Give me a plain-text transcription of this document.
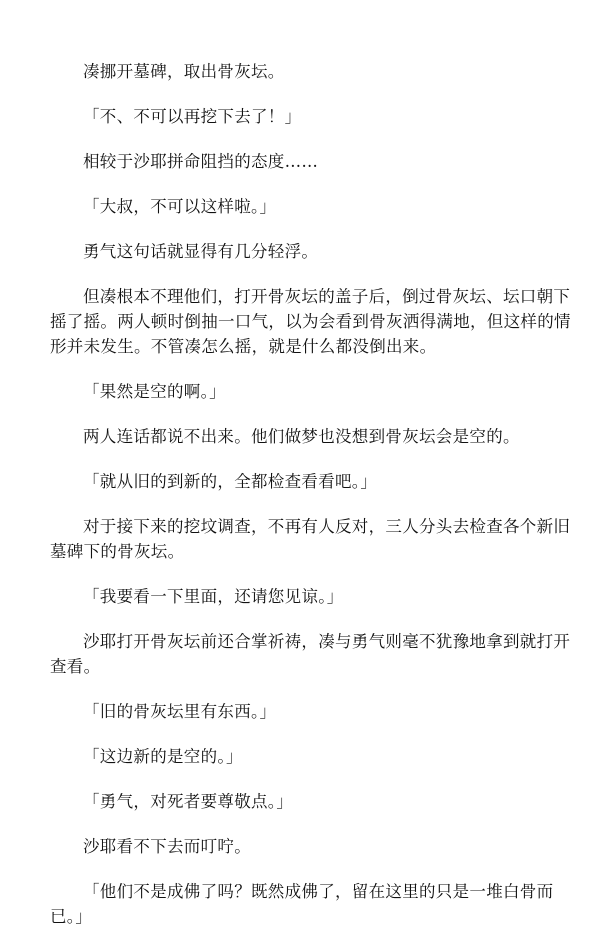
凑挪开墓碑，取出骨灰坛。

「不、不可以再挖下去了！」

相较于沙耶拼命阻挡的态度……

「大叔，不可以这样啦。」

勇气这句话就显得有几分轻浮。

但凑根本不理他们，打开骨灰坛的盖子后，倒过骨灰坛、坛口朝下摇了摇。两人顿时倒抽一口气，以为会看到骨灰洒得满地，但这样的情形并未发生。不管凑怎么摇，就是什么都没倒出来。

「果然是空的啊。」

两人连话都说不出来。他们做梦也没想到骨灰坛会是空的。

「就从旧的到新的，全都检查看看吧。」

对于接下来的挖坟调查，不再有人反对，三人分头去检查各个新旧墓碑下的骨灰坛。

「我要看一下里面，还请您见谅。」

沙耶打开骨灰坛前还合掌祈祷，凑与勇气则毫不犹豫地拿到就打开查看。

「旧的骨灰坛里有东西。」

「这边新的是空的。」

「勇气，对死者要尊敬点。」

沙耶看不下去而叮咛。

「他们不是成佛了吗？既然成佛了，留在这里的只是一堆白骨而已。」
